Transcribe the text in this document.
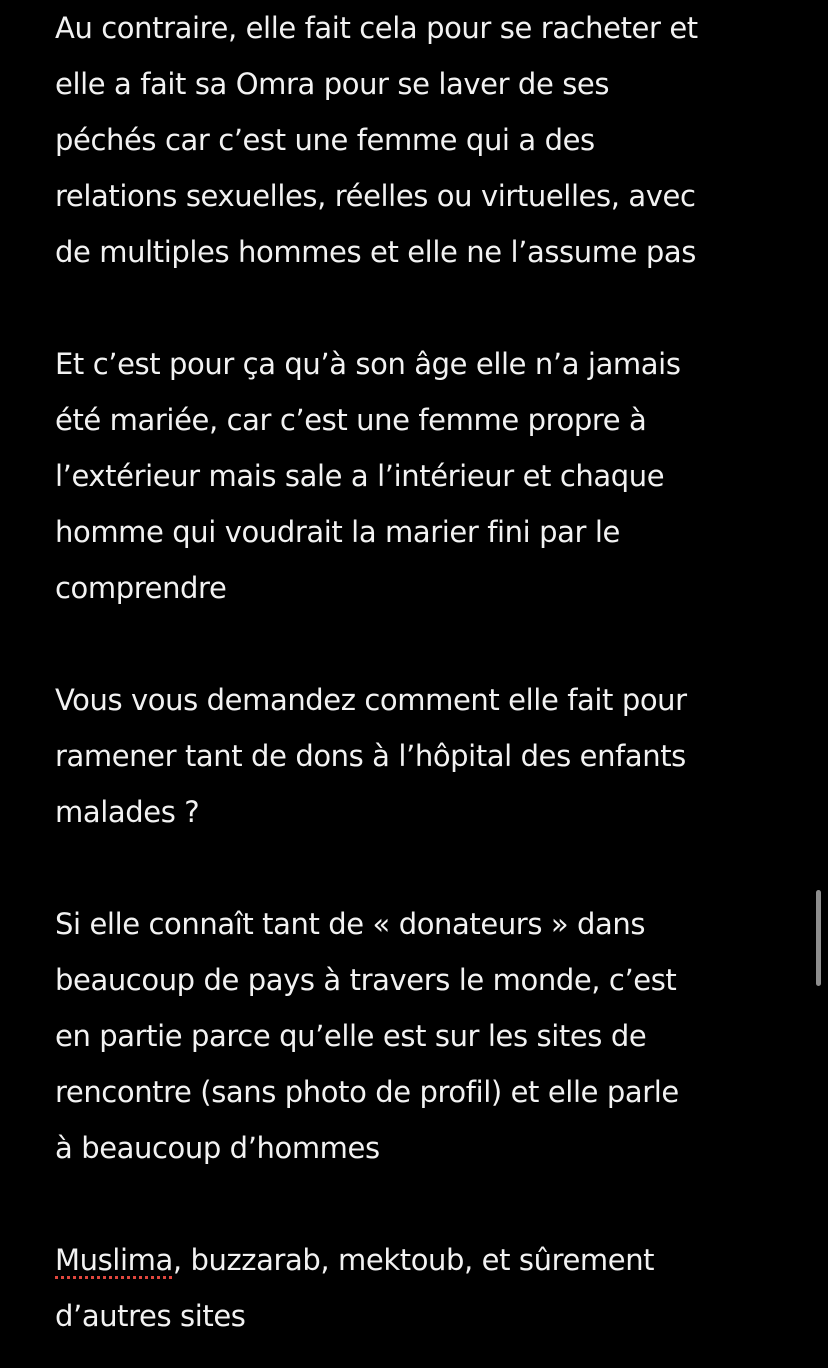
Au contraire, elle fait cela pour se racheter et
elle a fait sa Omra pour se laver de ses
péchés car c’est une femme qui a des
relations sexuelles, réelles ou virtuelles, avec
de multiples hommes et elle ne l’assume pas
Et c’est pour ça qu’à son âge elle n’a jamais
été mariée, car c’est une femme propre à
l’extérieur mais sale a l’intérieur et chaque
homme qui voudrait la marier fini par le
comprendre
Vous vous demandez comment elle fait pour
ramener tant de dons à l’hôpital des enfants
malades ?
Si elle connaît tant de « donateurs » dans
beaucoup de pays à travers le monde, c’est
en partie parce qu’elle est sur les sites de
rencontre (sans photo de profil) et elle parle
à beaucoup d’hommes
Muslima, buzzarab, mektoub, et sûrement
d’autres sites
